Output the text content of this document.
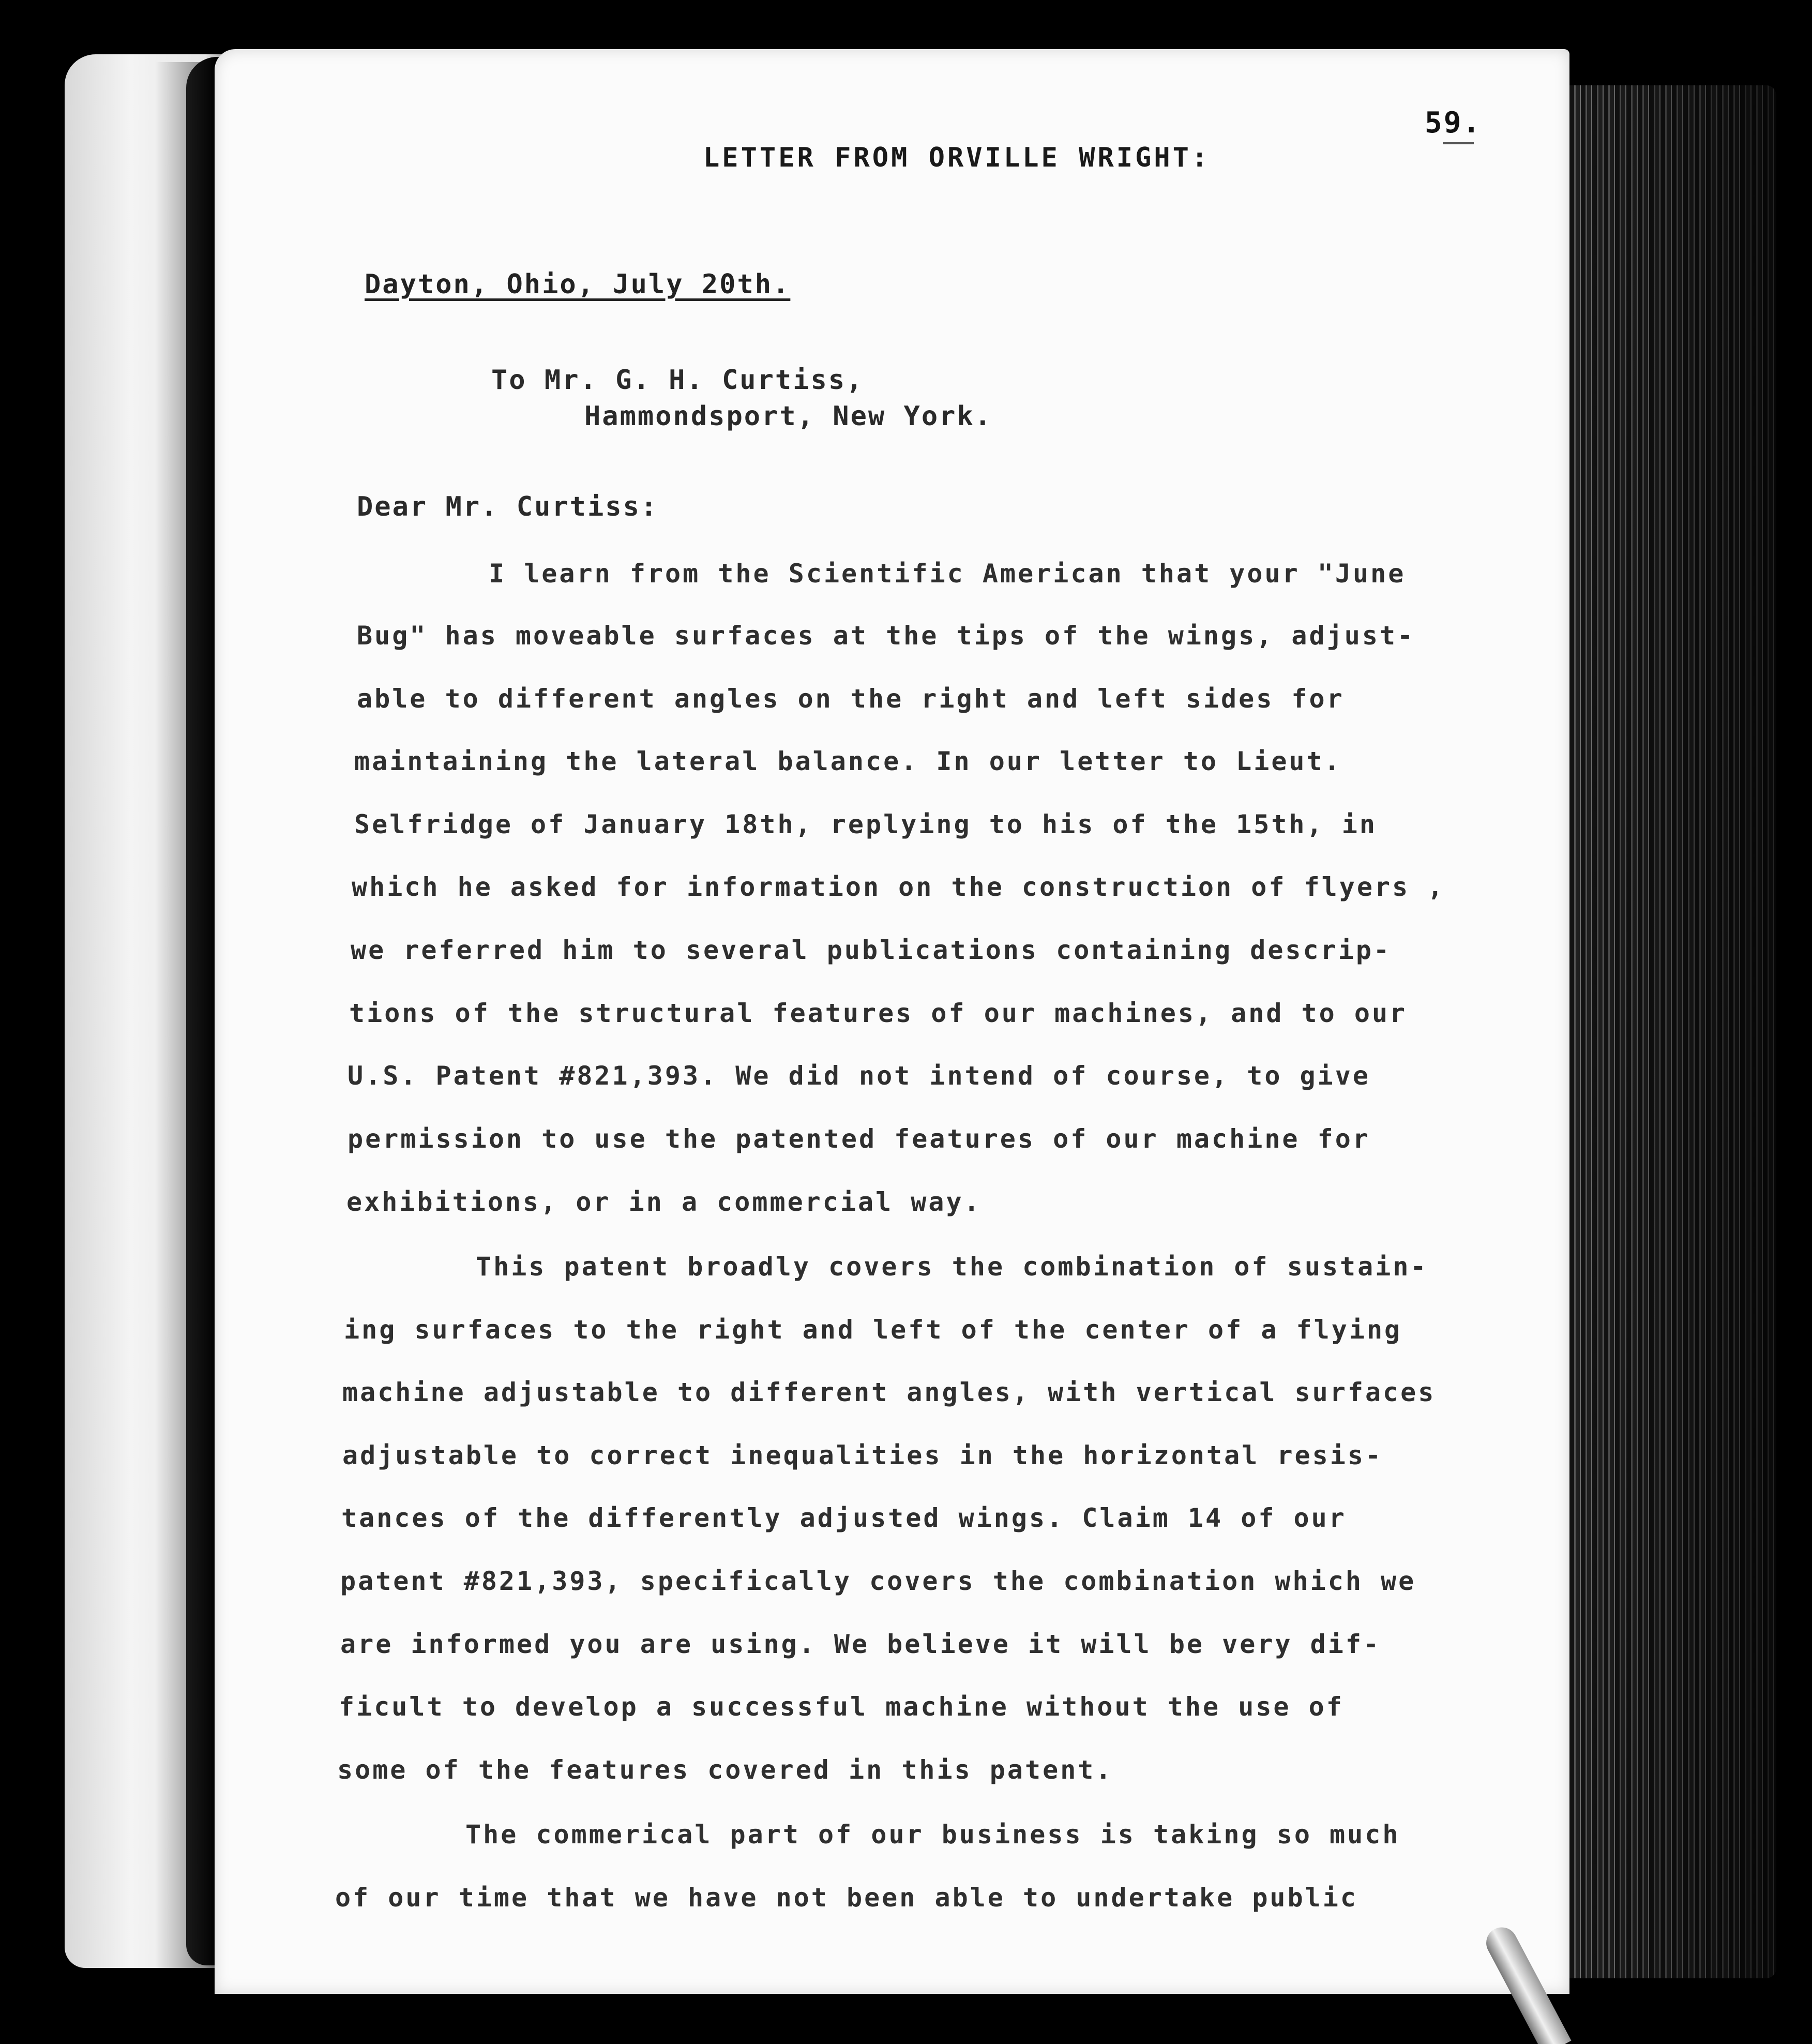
59.
LETTER FROM ORVILLE WRIGHT:
Dayton, Ohio, July 20th.
To Mr. G. H. Curtiss,
Hammondsport, New York.
Dear Mr. Curtiss:
I learn from the Scientific American that your "June
Bug" has moveable surfaces at the tips of the wings, adjust-
able to different angles on the right and left sides for
maintaining the lateral balance. In our letter to Lieut.
Selfridge of January 18th, replying to his of the 15th, in
which he asked for information on the construction of flyers ,
we referred him to several publications containing descrip-
tions of the structural features of our machines, and to our
U.S. Patent #821,393. We did not intend of course, to give
permission to use the patented features of our machine for
exhibitions, or in a commercial way.
This patent broadly covers the combination of sustain-
ing surfaces to the right and left of the center of a flying
machine adjustable to different angles, with vertical surfaces
adjustable to correct inequalities in the horizontal resis-
tances of the differently adjusted wings. Claim 14 of our
patent #821,393, specifically covers the combination which we
are informed you are using. We believe it will be very dif-
ficult to develop a successful machine without the use of
some of the features covered in this patent.
The commerical part of our business is taking so much
of our time that we have not been able to undertake public
